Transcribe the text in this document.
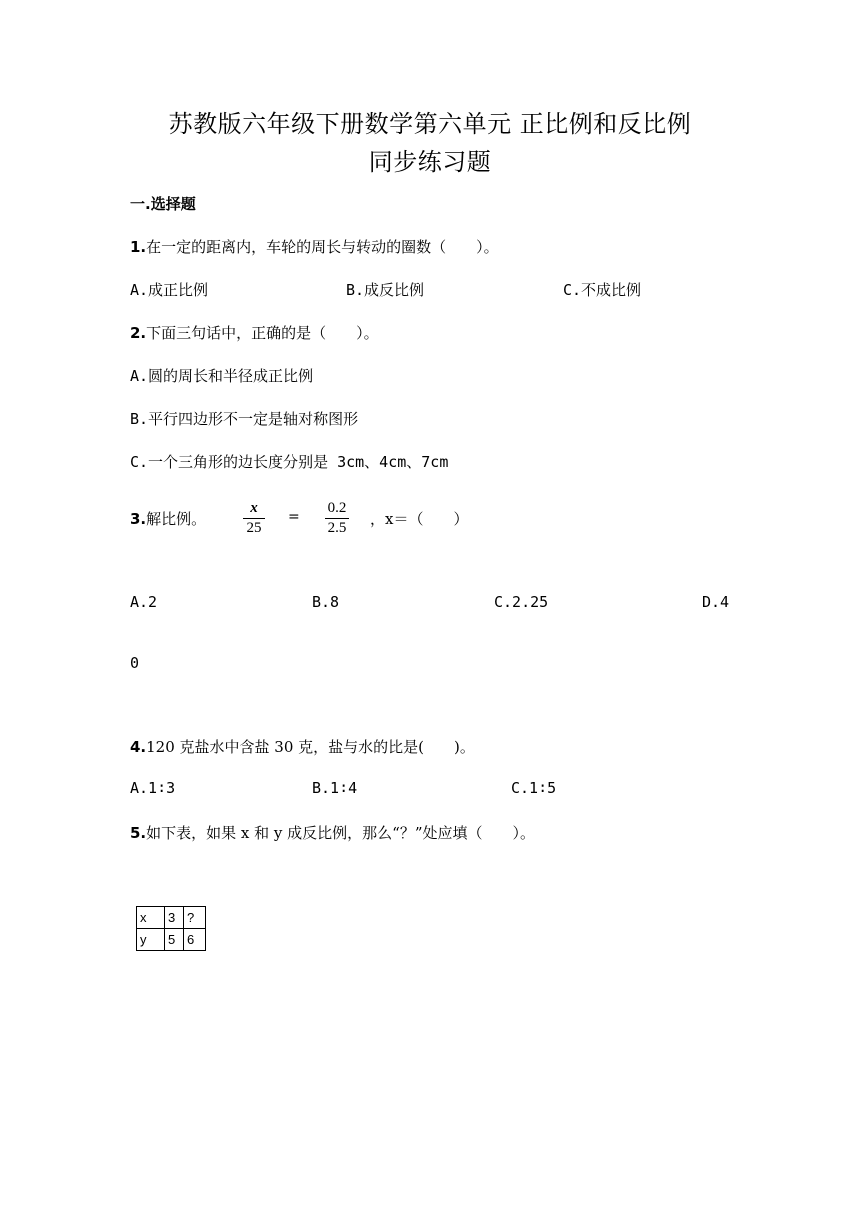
苏教版六年级下册数学第六单元 正比例和反比例
同步练习题
一.选择题
1.在一定的距离内，车轮的周长与转动的圈数（　　）。
A.成正比例	B.成反比例	C.不成比例
2.下面三句话中，正确的是（　　）。
A.圆的周长和半径成正比例
B.平行四边形不一定是轴对称图形
C.一个三角形的边长度分别是 3cm、4cm、7cm
3.解比例。
x
25
=
0.2
2.5 ，x＝（　　）
A.2	B.8	C.2.25	D.4
0
4.120 克盐水中含盐 30 克，盐与水的比是(　　)。
A.1∶3	B.1∶4	C.1∶5
5.如下表，如果 x 和 y 成反比例，那么“？”处应填（　　）。
x	3	?
y	5	6
